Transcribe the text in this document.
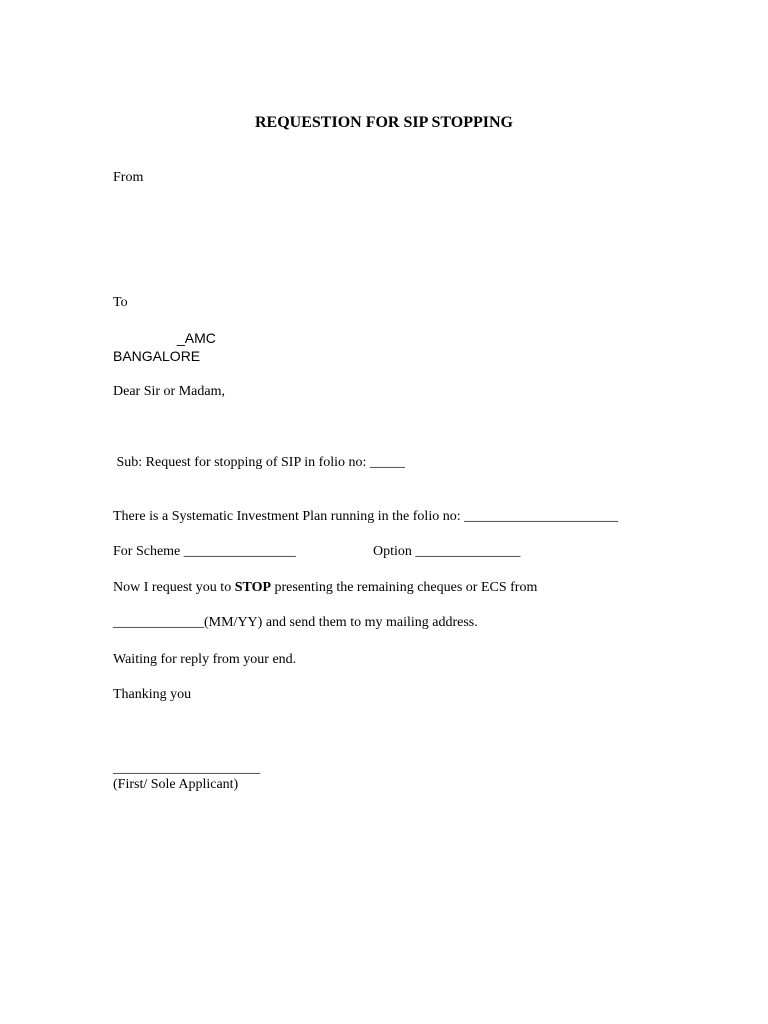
REQUESTION FOR SIP STOPPING
From
To
_AMC
BANGALORE
Dear Sir or Madam,
Sub: Request for stopping of SIP in folio no: _____
There is a Systematic Investment Plan running in the folio no: ______________________
For Scheme ________________	Option _______________
Now I request you to STOP presenting the remaining cheques or ECS from
_____________(MM/YY) and send them to my mailing address.
Waiting for reply from your end.
Thanking you
_____________________
(First/ Sole Applicant)
